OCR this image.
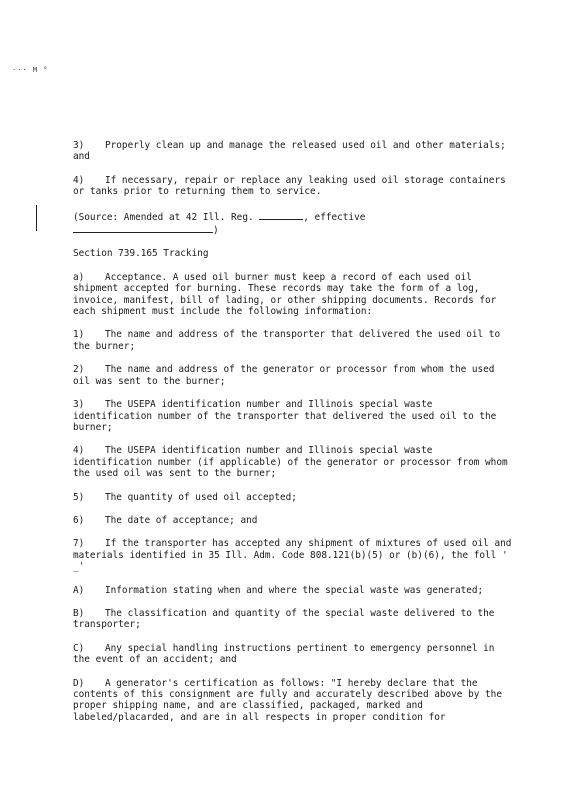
··· M °

3) Properly clean up and manage the released used oil and other materials; and

4) If necessary, repair or replace any leaking used oil storage containers or tanks prior to returning them to service.

(Source: Amended at 42 Ill. Reg.	, effective
)

Section 739.165 Tracking

a) Acceptance. A used oil burner must keep a record of each used oil shipment accepted for burning. These records may take the form of a log, invoice, manifest, bill of lading, or other shipping documents. Records for each shipment must include the following information:

1) The name and address of the transporter that delivered the used oil to the burner;

2) The name and address of the generator or processor from whom the used oil was sent to the burner;

3) The USEPA identification number and Illinois special waste identification number of the transporter that delivered the used oil to the burner;

4) The USEPA identification number and Illinois special waste identification number (if applicable) of the generator or processor from whom the used oil was sent to the burner;

5) The quantity of used oil accepted;

6) The date of acceptance; and

7) If the transporter has accepted any shipment of mixtures of used oil and materials identified in 35 Ill. Adm. Code 808.121(b)(5) or (b)(6), the foll ' _'

A) Information stating when and where the special waste was generated;

B) The classification and quantity of the special waste delivered to the transporter;

C) Any special handling instructions pertinent to emergency personnel in the event of an accident; and

D) A generator's certification as follows: "I hereby declare that the contents of this consignment are fully and accurately described above by the proper shipping name, and are classified, packaged, marked and labeled/placarded, and are in all respects in proper condition for
